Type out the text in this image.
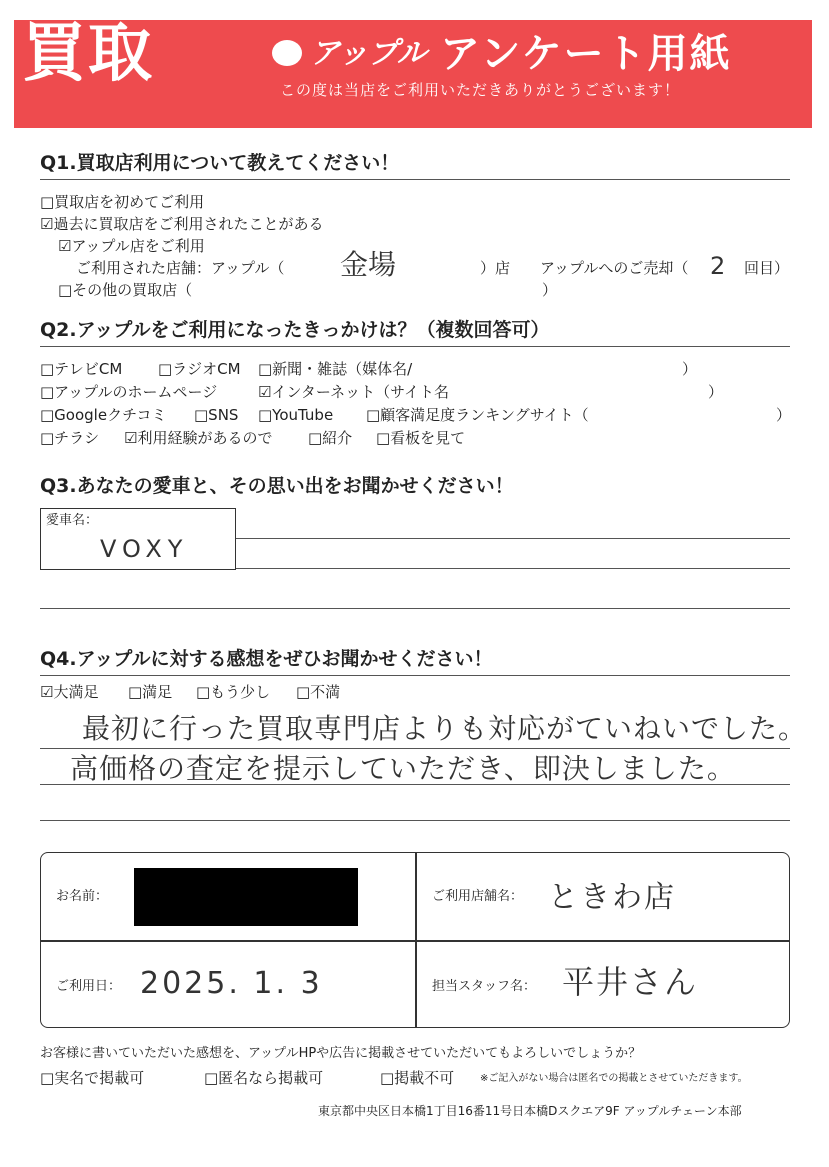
買取	アップル アンケート用紙
この度は当店をご利用いただきありがとうございます！
Q1.買取店利用について教えてください！
□買取店を初めてご利用
☑過去に買取店をご利用されたことがある
☑アップル店をご利用
ご利用された店舗：アップル（ 金場	）店 アップルへのご売却（ 2 回目）
□その他の買取店（	）
Q2.アップルをご利用になったきっかけは？（複数回答可）
□テレビCM □ラジオCM □新聞・雑誌（媒体名/	）
□アップルのホームページ	☑インターネット（サイト名	）
□Googleクチコミ □SNS □YouTube □顧客満足度ランキングサイト（	）
□チラシ ☑利用経験があるので □紹介 □看板を見て
Q3.あなたの愛車と、その思い出をお聞かせください！
愛車名：
VOXY
Q4.アップルに対する感想をぜひお聞かせください！
☑大満足 □満足 □もう少し □不満
最初に行った買取専門店よりも対応がていねいでした。
高価格の査定を提示していただき、即決しました。
お名前：	ご利用店舗名： ときわ店
ご利用日： 2025. 1. 3	担当スタッフ名： 平井さん
お客様に書いていただいた感想を、アップルHPや広告に掲載させていただいてもよろしいでしょうか？
□実名で掲載可	□匿名なら掲載可	□掲載不可	※ご記入がない場合は匿名での掲載とさせていただきます。
東京都中央区日本橋1丁目16番11号日本橋Dスクエア9F アップルチェーン本部
